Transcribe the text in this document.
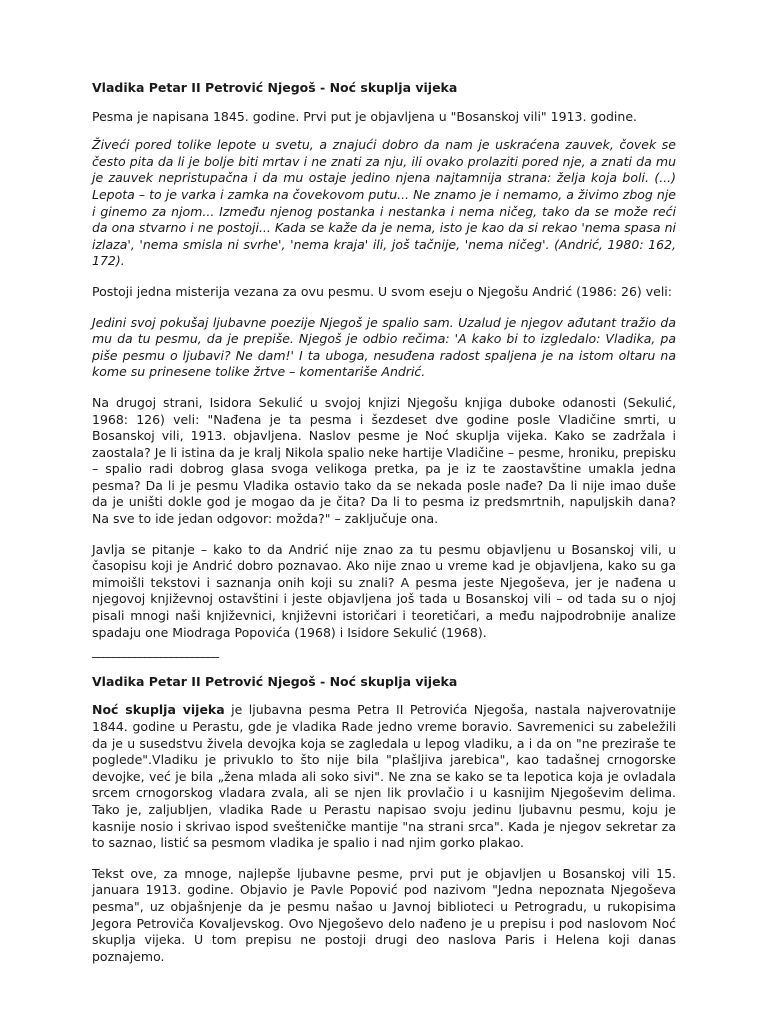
Vladika Petar II Petrović Njegoš - Noć skuplja vijeka

Pesma je napisana 1845. godine. Prvi put je objavljena u "Bosanskoj vili" 1913. godine.

Živeći pored tolike lepote u svetu, a znajući dobro da nam je uskraćena zauvek, čovek se često pita da li je bolje biti mrtav i ne znati za nju, ili ovako prolaziti pored nje, a znati da mu je zauvek nepristupačna i da mu ostaje jedino njena najtamnija strana: želja koja boli. (...) Lepota – to je varka i zamka na čovekovom putu... Ne znamo je i nemamo, a živimo zbog nje i ginemo za njom... Između njenog postanka i nestanka i nema ničeg, tako da se može reći da ona stvarno i ne postoji... Kada se kaže da je nema, isto je kao da si rekao 'nema spasa ni izlaza', 'nema smisla ni svrhe', 'nema kraja' ili, još tačnije, 'nema ničeg'. (Andrić, 1980: 162, 172).

Postoji jedna misterija vezana za ovu pesmu. U svom eseju o Njegošu Andrić (1986: 26) veli:

Jedini svoj pokušaj ljubavne poezije Njegoš je spalio sam. Uzalud je njegov ađutant tražio da mu da tu pesmu, da je prepiše. Njegoš je odbio rečima: 'A kako bi to izgledalo: Vladika, pa piše pesmu o ljubavi? Ne dam!' I ta uboga, nesuđena radost spaljena je na istom oltaru na kome su prinesene tolike žrtve – komentariše Andrić.

Na drugoj strani, Isidora Sekulić u svojoj knjizi Njegošu knjiga duboke odanosti (Sekulić, 1968: 126) veli: "Nađena je ta pesma i šezdeset dve godine posle Vladičine smrti, u Bosanskoj vili, 1913. objavljena. Naslov pesme je Noć skuplja vijeka. Kako se zadržala i zaostala? Je li istina da je kralj Nikola spalio neke hartije Vladičine – pesme, hroniku, prepisku – spalio radi dobrog glasa svoga velikoga pretka, pa je iz te zaostavštine umakla jedna pesma? Da li je pesmu Vladika ostavio tako da se nekada posle nađe? Da li nije imao duše da je uništi dokle god je mogao da je čita? Da li to pesma iz predsmrtnih, napuljskih dana? Na sve to ide jedan odgovor: možda?" – zaključuje ona.

Javlja se pitanje – kako to da Andrić nije znao za tu pesmu objavljenu u Bosanskoj vili, u časopisu koji je Andrić dobro poznavao. Ako nije znao u vreme kad je objavljena, kako su ga mimoišli tekstovi i saznanja onih koji su znali? A pesma jeste Njegoševa, jer je nađena u njegovoj književnoj ostavštini i jeste objavljena još tada u Bosanskoj vili – od tada su o njoj pisali mnogi naši književnici, književni istoričari i teoretičari, a među najpodrobnije analize spadaju one Miodraga Popovića (1968) i Isidore Sekulić (1968).

________________________
Vladika Petar II Petrović Njegoš - Noć skuplja vijeka

Noć skuplja vijeka je ljubavna pesma Petra II Petrovića Njegoša, nastala najverovatnije 1844. godine u Perastu, gde je vladika Rade jedno vreme boravio. Savremenici su zabeležili da je u susedstvu živela devojka koja se zagledala u lepog vladiku, a i da on "ne preziraše te poglede".Vladiku je privuklo to što nije bila "plašljiva jarebica", kao tadašnej crnogorske devojke, već je bila „žena mlada ali soko sivi". Ne zna se kako se ta lepotica koja je ovladala srcem crnogorskog vladara zvala, ali se njen lik provlačio i u kasnijim Njegoševim delima. Tako je, zaljubljen, vladika Rade u Perastu napisao svoju jedinu ljubavnu pesmu, koju je kasnije nosio i skrivao ispod svešteničke mantije "na strani srca". Kada je njegov sekretar za to saznao, listić sa pesmom vladika je spalio i nad njim gorko plakao.

Tekst ove, za mnoge, najlepše ljubavne pesme, prvi put je objavljen u Bosanskoj vili 15. januara 1913. godine. Objavio je Pavle Popović pod nazivom "Jedna nepoznata Njegoševa pesma", uz objašnjenje da je pesmu našao u Javnoj biblioteci u Petrogradu, u rukopisima Jegora Petroviča Kovaljevskog. Ovo Njegoševo delo nađeno je u prepisu i pod naslovom Noć skuplja vijeka. U tom prepisu ne postoji drugi deo naslova Paris i Helena koji danas poznajemo.
